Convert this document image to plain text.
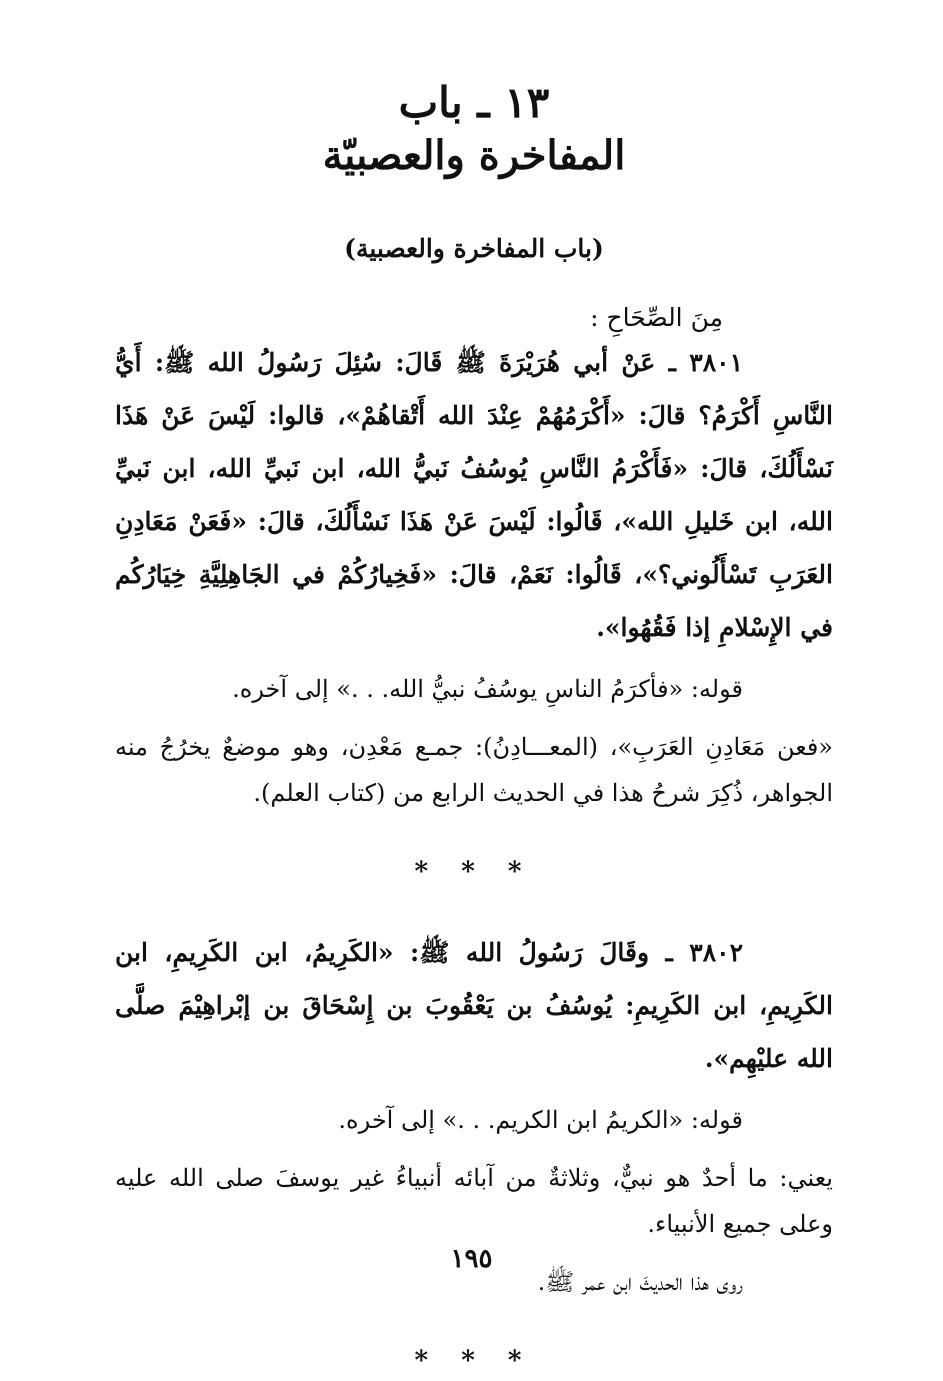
١٣ ـ باب
المفاخرة والعصبيّة
(باب المفاخرة والعصبية)
مِنَ الصِّحَاحِ :

٣٨٠١ ـ عَنْ أبي هُرَيْرَةَ ﷺ قَالَ: سُئِلَ رَسُولُ الله ﷺ: أَيُّ النَّاسِ أَكْرَمُ؟ قالَ: «أَكْرَمُهُمْ عِنْدَ الله أَتْقاهُمْ»، قالوا: لَيْسَ عَنْ هَذَا نَسْأَلُكَ، قالَ: «فَأَكْرَمُ النَّاسِ يُوسُفُ نَبيُّ الله، ابن نَبيِّ الله، ابن نَبيِّ الله، ابن خَليلِ الله»، قَالُوا: لَيْسَ عَنْ هَذَا نَسْأَلُكَ، قالَ: «فَعَنْ مَعَادِنِ العَرَبِ تَسْأَلُوني؟»، قَالُوا: نَعَمْ، قالَ: «فَخِيارُكُمْ في الجَاهِلِيَّةِ خِيَارُكُم في الإِسْلامِ إذا فَقُهُوا».

قوله: «فأكرَمُ الناسِ يوسُفُ نبيُّ الله. . .» إلى آخره.

«فعن مَعَادِنِ العَرَبِ»، (المعـــادِنُ): جمـع مَعْدِن، وهو موضعٌ يخرُجُ منه الجواهر، ذُكِرَ شرحُ هذا في الحديث الرابع من (كتاب العلم).

* * *

٣٨٠٢ ـ وقَالَ رَسُولُ الله ﷺ: «الكَرِيمُ، ابن الكَرِيمِ، ابن الكَرِيمِ، ابن الكَرِيمِ: يُوسُفُ بن يَعْقُوبَ بن إِسْحَاقَ بن إبْراهِيْمَ صلَّى الله عليْهِم».

قوله: «الكريمُ ابن الكريم. . .» إلى آخره.

يعني: ما أحدٌ هو نبيٌّ، وثلاثةٌ من آبائه أنبياءُ غير يوسفَ صلى الله عليه وعلى جميع الأنبياء.

روى هذا الحديثَ ابن عمر ﷺ.

* * *
١٩٥
